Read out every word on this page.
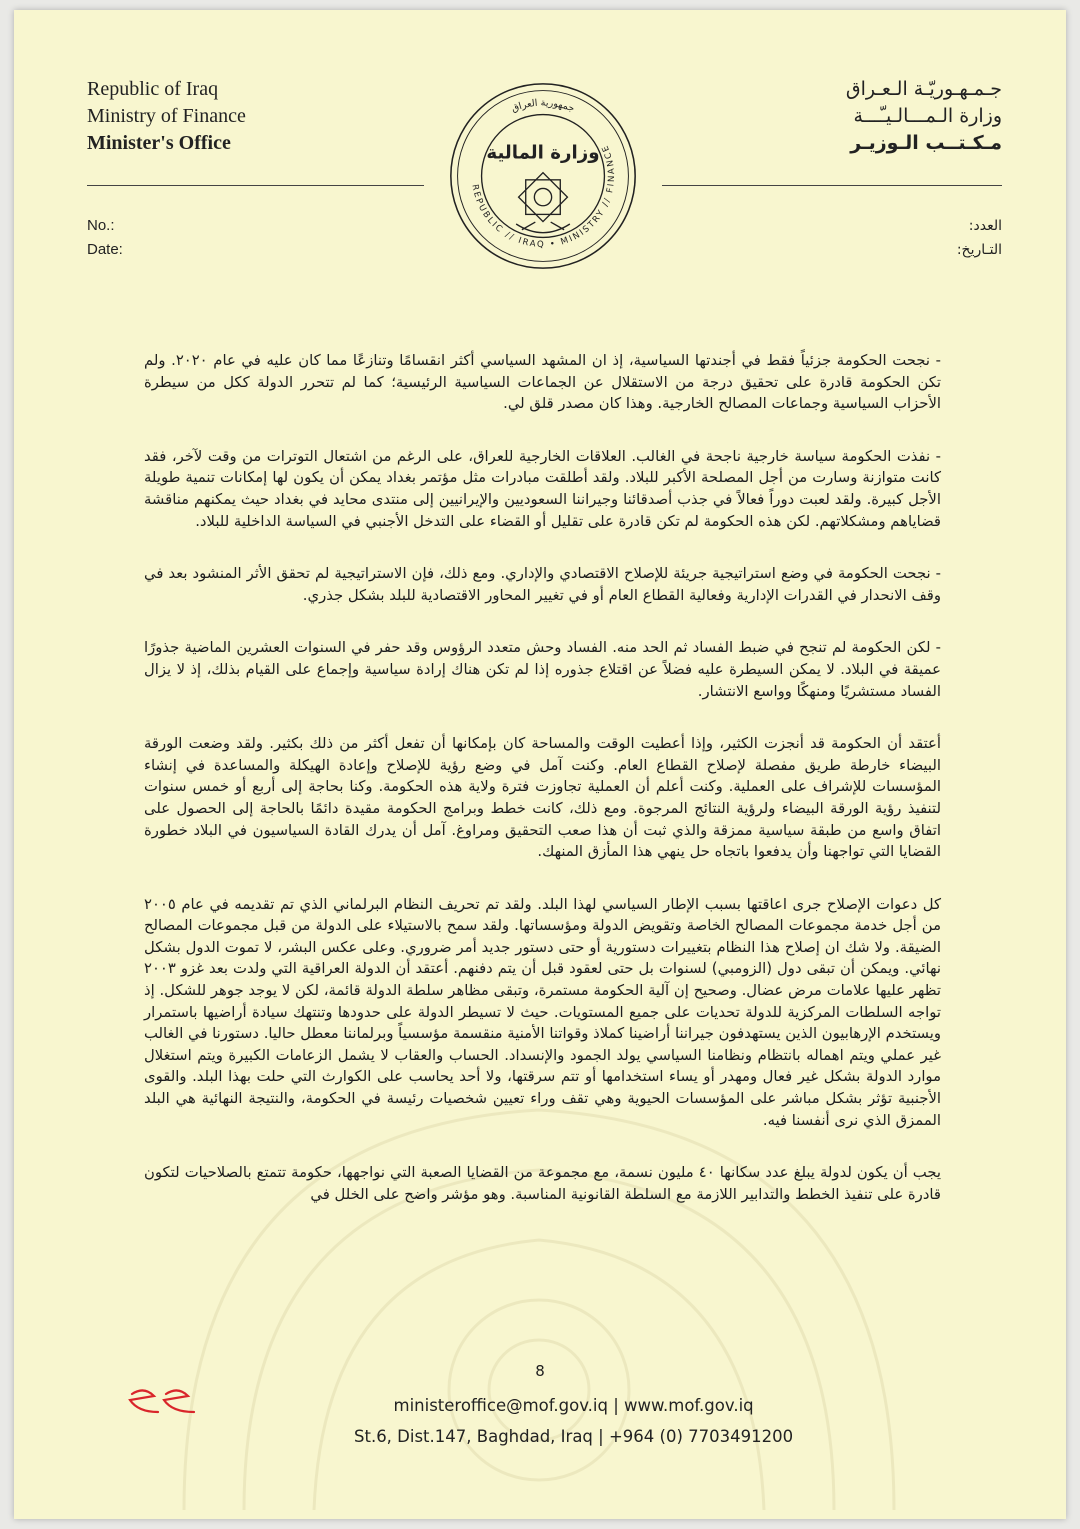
Republic of Iraq
Ministry of Finance
Minister's Office
جـمـهـوريّـة الـعـراق
وزارة الـمـــالـيـّـــة
مـكـتــب الـوزيـر
No.:
Date:
العدد:
التـاريخ:
REPUBLIC // IRAQ • MINISTRY // FINANCE
جمهورية العراق
وزارة المالية

- نجحت الحكومة جزئياً فقط في أجندتها السياسية، إذ ان المشهد السياسي أكثر انقسامًا وتنازعًا مما كان عليه في عام ٢٠٢٠. ولم تكن الحكومة قادرة على تحقيق درجة من الاستقلال عن الجماعات السياسية الرئيسية؛ كما لم تتحرر الدولة ككل من سيطرة الأحزاب السياسية وجماعات المصالح الخارجية. وهذا كان مصدر قلق لي.

- نفذت الحكومة سياسة خارجية ناجحة في الغالب. العلاقات الخارجية للعراق، على الرغم من اشتعال التوترات من وقت لآخر، فقد كانت متوازنة وسارت من أجل المصلحة الأكبر للبلاد. ولقد أطلقت مبادرات مثل مؤتمر بغداد يمكن أن يكون لها إمكانات تنمية طويلة الأجل كبيرة. ولقد لعبت دوراً فعالاً في جذب أصدقائنا وجيراننا السعوديين والإيرانيين إلى منتدى محايد في بغداد حيث يمكنهم مناقشة قضاياهم ومشكلاتهم. لكن هذه الحكومة لم تكن قادرة على تقليل أو القضاء على التدخل الأجنبي في السياسة الداخلية للبلاد.

- نجحت الحكومة في وضع استراتيجية جريئة للإصلاح الاقتصادي والإداري. ومع ذلك، فإن الاستراتيجية لم تحقق الأثر المنشود بعد في وقف الانحدار في القدرات الإدارية وفعالية القطاع العام أو في تغيير المحاور الاقتصادية للبلد بشكل جذري.

- لكن الحكومة لم تنجح في ضبط الفساد ثم الحد منه. الفساد وحش متعدد الرؤوس وقد حفر في السنوات العشرين الماضية جذورًا عميقة في البلاد. لا يمكن السيطرة عليه فضلاً عن اقتلاع جذوره إذا لم تكن هناك إرادة سياسية وإجماع على القيام بذلك، إذ لا يزال الفساد مستشريًا ومنهكًا وواسع الانتشار.

أعتقد أن الحكومة قد أنجزت الكثير، وإذا أعطيت الوقت والمساحة كان بإمكانها أن تفعل أكثر من ذلك بكثير. ولقد وضعت الورقة البيضاء خارطة طريق مفصلة لإصلاح القطاع العام. وكنت آمل في وضع رؤية للإصلاح وإعادة الهيكلة والمساعدة في إنشاء المؤسسات للإشراف على العملية. وكنت أعلم أن العملية تجاوزت فترة ولاية هذه الحكومة. وكنا بحاجة إلى أربع أو خمس سنوات لتنفيذ رؤية الورقة البيضاء ولرؤية النتائج المرجوة. ومع ذلك، كانت خطط وبرامج الحكومة مقيدة دائمًا بالحاجة إلى الحصول على اتفاق واسع من طبقة سياسية ممزقة والذي ثبت أن هذا صعب التحقيق ومراوغ. آمل أن يدرك القادة السياسيون في البلاد خطورة القضايا التي تواجهنا وأن يدفعوا باتجاه حل ينهي هذا المأزق المنهك.

كل دعوات الإصلاح جرى اعاقتها بسبب الإطار السياسي لهذا البلد. ولقد تم تحريف النظام البرلماني الذي تم تقديمه في عام ٢٠٠٥ من أجل خدمة مجموعات المصالح الخاصة وتقويض الدولة ومؤسساتها. ولقد سمح بالاستيلاء على الدولة من قبل مجموعات المصالح الضيقة. ولا شك ان إصلاح هذا النظام بتغييرات دستورية أو حتى دستور جديد أمر ضروري. وعلى عكس البشر، لا تموت الدول بشكل نهائي. ويمكن أن تبقى دول (الزومبي) لسنوات بل حتى لعقود قبل أن يتم دفنهم. أعتقد أن الدولة العراقية التي ولدت بعد غزو ٢٠٠٣ تظهر عليها علامات مرض عضال. وصحيح إن آلية الحكومة مستمرة، وتبقى مظاهر سلطة الدولة قائمة، لكن لا يوجد جوهر للشكل. إذ تواجه السلطات المركزية للدولة تحديات على جميع المستويات. حيث لا تسيطر الدولة على حدودها وتنتهك سيادة أراضيها باستمرار ويستخدم الإرهابيون الذين يستهدفون جيراننا أراضينا كملاذ وقواتنا الأمنية منقسمة مؤسسياً وبرلماننا معطل حاليا. دستورنا في الغالب غير عملي ويتم اهماله بانتظام ونظامنا السياسي يولد الجمود والإنسداد. الحساب والعقاب لا يشمل الزعامات الكبيرة ويتم استغلال موارد الدولة بشكل غير فعال ومهدر أو يساء استخدامها أو تتم سرقتها، ولا أحد يحاسب على الكوارث التي حلت بهذا البلد. والقوى الأجنبية تؤثر بشكل مباشر على المؤسسات الحيوية وهي تقف وراء تعيين شخصيات رئيسة في الحكومة، والنتيجة النهائية هي البلد الممزق الذي نرى أنفسنا فيه.

يجب أن يكون لدولة يبلغ عدد سكانها ٤٠ مليون نسمة، مع مجموعة من القضايا الصعبة التي نواجهها، حكومة تتمتع بالصلاحيات لتكون قادرة على تنفيذ الخطط والتدابير اللازمة مع السلطة القانونية المناسبة. وهو مؤشر واضح على الخلل في

8
ministeroffice@mof.gov.iq | www.mof.gov.iq
St.6, Dist.147, Baghdad, Iraq | +964 (0) 7703491200
